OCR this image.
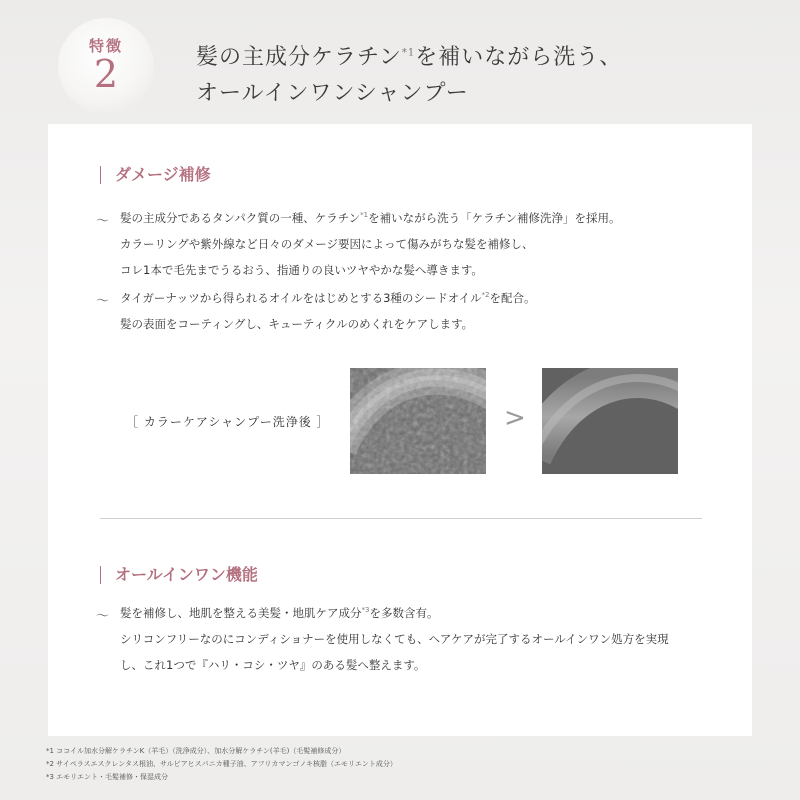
特徴
2	髪の主成分ケラチン$^{*1}$を補いながら洗う、
オールインワンシャンプー
ダメージ補修
〜 髪の主成分であるタンパク質の一種、ケラチン$^{*1}$を補いながら洗う「ケラチン補修洗浄」を採用。
カラーリングや紫外線など日々のダメージ要因によって傷みがちな髪を補修し、
コレ1本で毛先までうるおう、指通りの良いツヤやかな髪へ導きます。
〜 タイガーナッツから得られるオイルをはじめとする3種のシードオイル$^{*2}$を配合。
髪の表面をコーティングし、キューティクルのめくれをケアします。
［ カラーケアシャンプー洗浄後 ］	>
オールインワン機能
〜 髪を補修し、地肌を整える美髪・地肌ケア成分$^{*3}$を多数含有。
シリコンフリーなのにコンディショナーを使用しなくても、ヘアケアが完了するオールインワン処方を実現
し、これ1つで『ハリ・コシ・ツヤ』のある髪へ整えます。
*1 ココイル加水分解ケラチンK（羊毛）（洗浄成分）、加水分解ケラチン(羊毛)（毛髪補修成分）
*2 サイペラスエスクレンタス根油、サルビアヒスパニカ種子油、アフリカマンゴノキ核脂（エモリエント成分）
*3 エモリエント・毛髪補修・保湿成分
